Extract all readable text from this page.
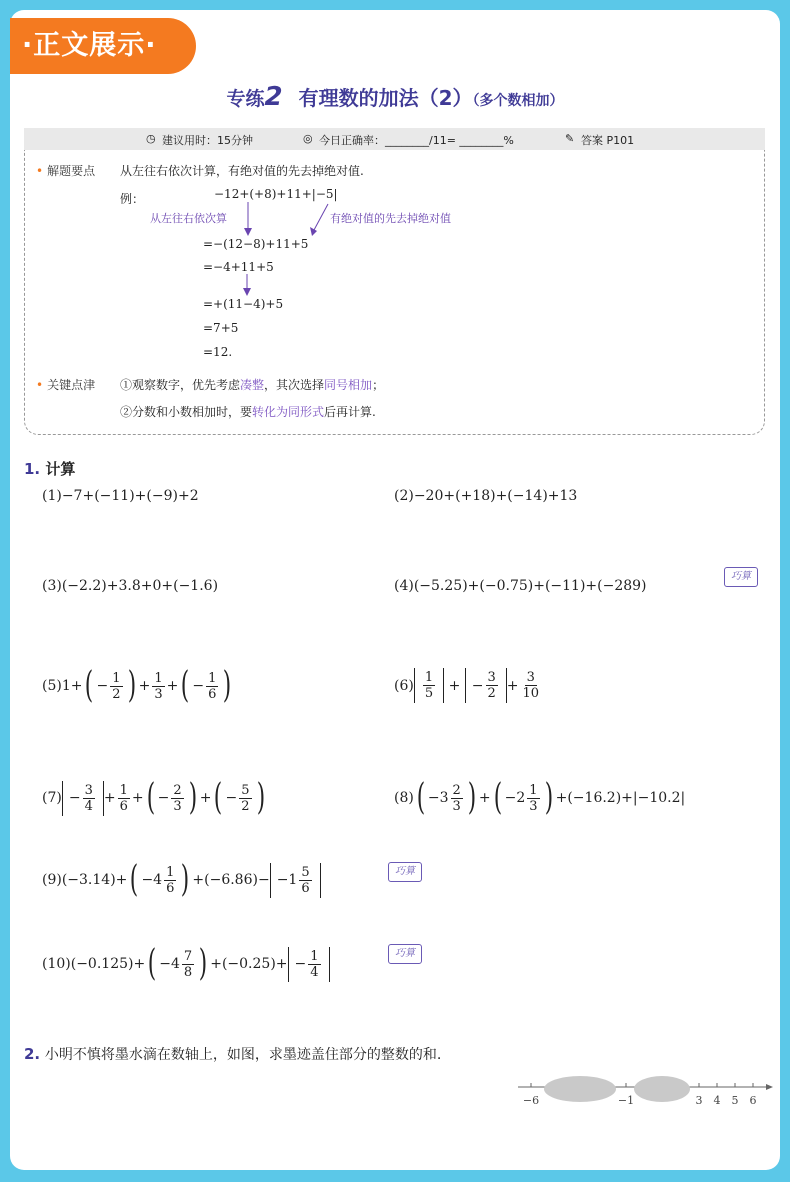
·正文展示·
专练2 有理数的加法（2）（多个数相加）
◷ 建议用时：15分钟	◎ 今日正确率：________/11= ________%	✎ 答案 P101
• 解题要点 从左往右依次计算，有绝对值的先去掉绝对值.
例：	−12+(+8)+11+|−5|
从左往右依次算	有绝对值的先去掉绝对值
=−(12−8)+11+5
=−4+11+5
=+(11−4)+5
=7+5
=12.
• 关键点津 ①观察数字，优先考虑凑整，其次选择同号相加；
②分数和小数相加时，要转化为同形式后再计算.
1. 计算
(1)−7+(−11)+(−9)+2	(2)−20+(+18)+(−14)+13
(3)(−2.2)+3.8+0+(−1.6)	(4)(−5.25)+(−0.75)+(−11)+(−289)
巧算
(5)1+ ( − $\frac{1}{2}$ ) + $\frac{1}{3}$ + ( − $\frac{1}{6}$ )	$(6) \frac{1}{5}$ + − $\frac{3}{2} + \frac{3}{10}$
$(7) - \frac{3}{4} + \frac{1}{6}$ + ( − $\frac{2}{3}$ ) + ( − $\frac{5}{2}$ )	(8) ( $-3 \frac{2}{3}$ ) + ( $-2 \frac{1}{3}$ ) +(−16.2)+|−10.2|
(9)(−3.14)+ ( $-4 \frac{1}{6}$ ) $+(-6.86)- -1 \frac{5}{6}$	巧算
(10)(−0.125)+ ( $-4 \frac{7}{8}$ ) $+(-0.25)+ - \frac{1}{4}$	巧算
2. 小明不慎将墨水滴在数轴上，如图，求墨迹盖住部分的整数的和.
−6	−1	3 4 5 6
